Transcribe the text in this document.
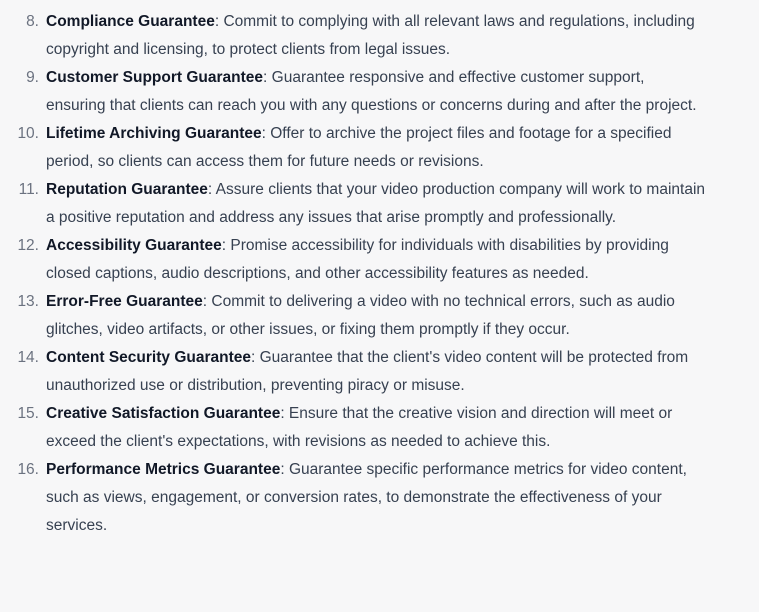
8. Compliance Guarantee: Commit to complying with all relevant laws and regulations, including copyright and licensing, to protect clients from legal issues.
9. Customer Support Guarantee: Guarantee responsive and effective customer support, ensuring that clients can reach you with any questions or concerns during and after the project.
10. Lifetime Archiving Guarantee: Offer to archive the project files and footage for a specified period, so clients can access them for future needs or revisions.
11. Reputation Guarantee: Assure clients that your video production company will work to maintain a positive reputation and address any issues that arise promptly and professionally.
12. Accessibility Guarantee: Promise accessibility for individuals with disabilities by providing closed captions, audio descriptions, and other accessibility features as needed.
13. Error-Free Guarantee: Commit to delivering a video with no technical errors, such as audio glitches, video artifacts, or other issues, or fixing them promptly if they occur.
14. Content Security Guarantee: Guarantee that the client's video content will be protected from unauthorized use or distribution, preventing piracy or misuse.
15. Creative Satisfaction Guarantee: Ensure that the creative vision and direction will meet or exceed the client's expectations, with revisions as needed to achieve this.
16. Performance Metrics Guarantee: Guarantee specific performance metrics for video content, such as views, engagement, or conversion rates, to demonstrate the effectiveness of your services.
